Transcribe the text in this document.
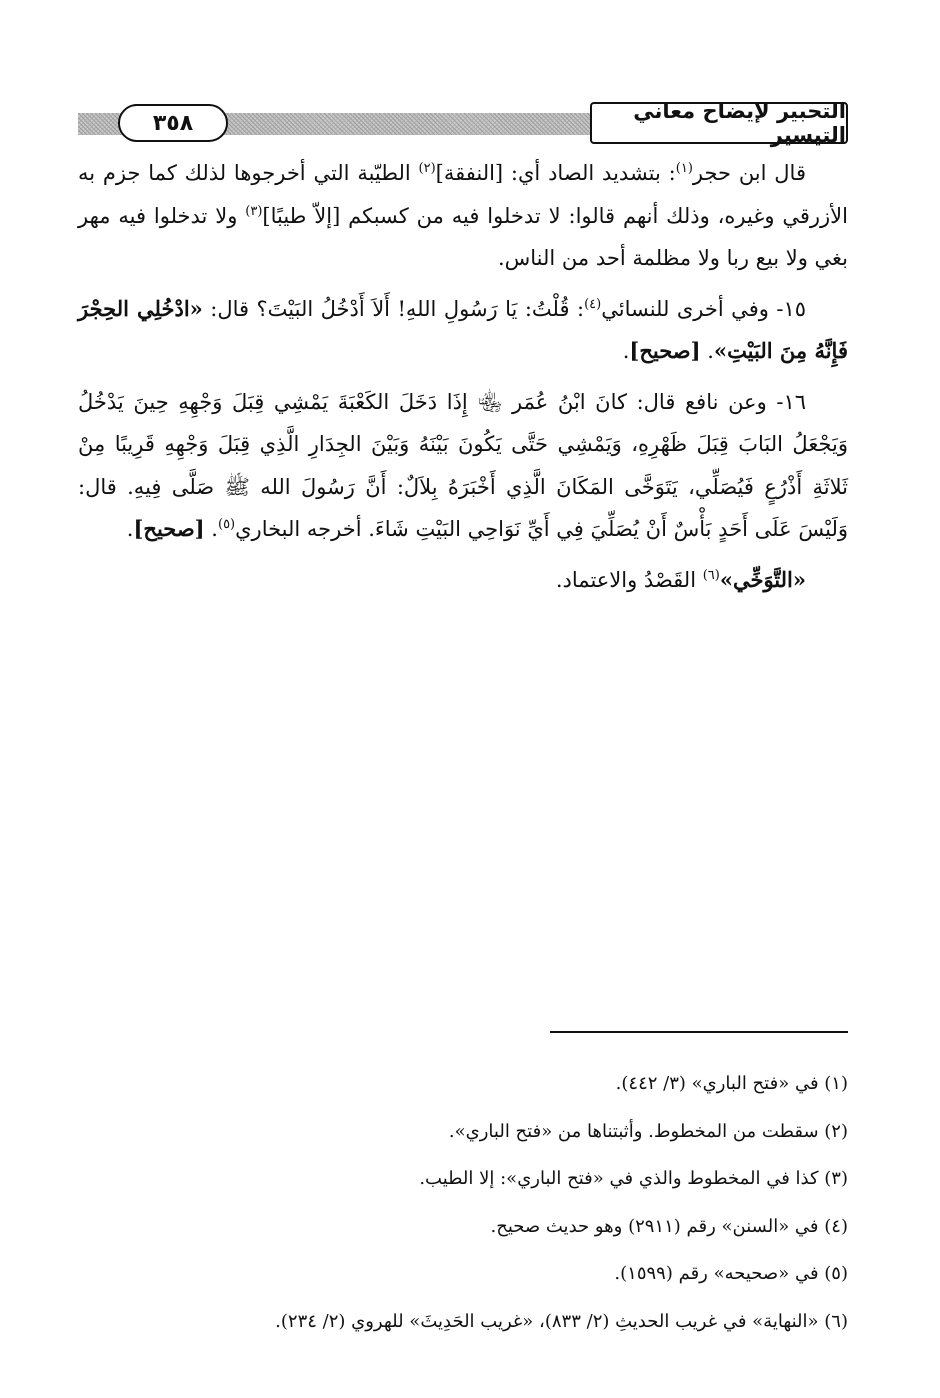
التحبير لإيضاح معاني التيسير
٣٥٨

قال ابن حجر$^{(١)}$: بتشديد الصاد أي: [النفقة]$^{(٢)}$ الطيّبة التي أخرجوها لذلك كما جزم به الأزرقي وغيره، وذلك أنهم قالوا: لا تدخلوا فيه من كسبكم [إلاّ طيبًا]$^{(٣)}$ ولا تدخلوا فيه مهر بغي ولا بيع ربا ولا مظلمة أحد من الناس.

١٥- وفي أخرى للنسائي$^{(٤)}$: قُلْتُ: يَا رَسُولِ اللهِ! أَلاَ أَدْخُلُ البَيْتَ؟ قال: «ادْخُلِي الحِجْرَ فَإِنَّهُ مِنَ البَيْتِ». [صحيح].

١٦- وعن نافع قال: كانَ ابْنُ عُمَر ﵄ إِذَا دَخَلَ الكَعْبَةَ يَمْشِي قِبَلَ وَجْهِهِ حِينَ يَدْخُلُ وَيَجْعَلُ البَابَ قِبَلَ ظَهْرِهِ، وَيَمْشِي حَتَّى يَكُونَ بَيْنَهُ وَبَيْنَ الجِدَارِ الَّذِي قِبَلَ وَجْهِهِ قَرِيبًا مِنْ ثَلاثَةِ أَذْرُعٍ فَيُصَلِّي، يَتَوَخَّى المَكَانَ الَّذِي أَخْبَرَهُ بِلاَلٌ: أَنَّ رَسُولَ الله ﷺ صَلَّى فِيهِ. قال: وَلَيْسَ عَلَى أَحَدٍ بَأْسٌ أَنْ يُصَلِّيَ فِي أَيِّ نَوَاحِي البَيْتِ شَاءَ. أخرجه البخاري$^{(٥)}$. [صحيح].

«التَّوَخِّي»$^{(٦)}$ القَصْدُ والاعتماد.

(١) في «فتح الباري» (٣/ ٤٤٢).
(٢) سقطت من المخطوط. وأثبتناها من «فتح الباري».
(٣) كذا في المخطوط والذي في «فتح الباري»: إلا الطيب.
(٤) في «السنن» رقم (٢٩١١) وهو حديث صحيح.
(٥) في «صحيحه» رقم (١٥٩٩).
(٦) «النهاية» في غريب الحديثِ (٢/ ٨٣٣)، «غريب الحَدِيثَ» للهروي (٢/ ٢٣٤).
